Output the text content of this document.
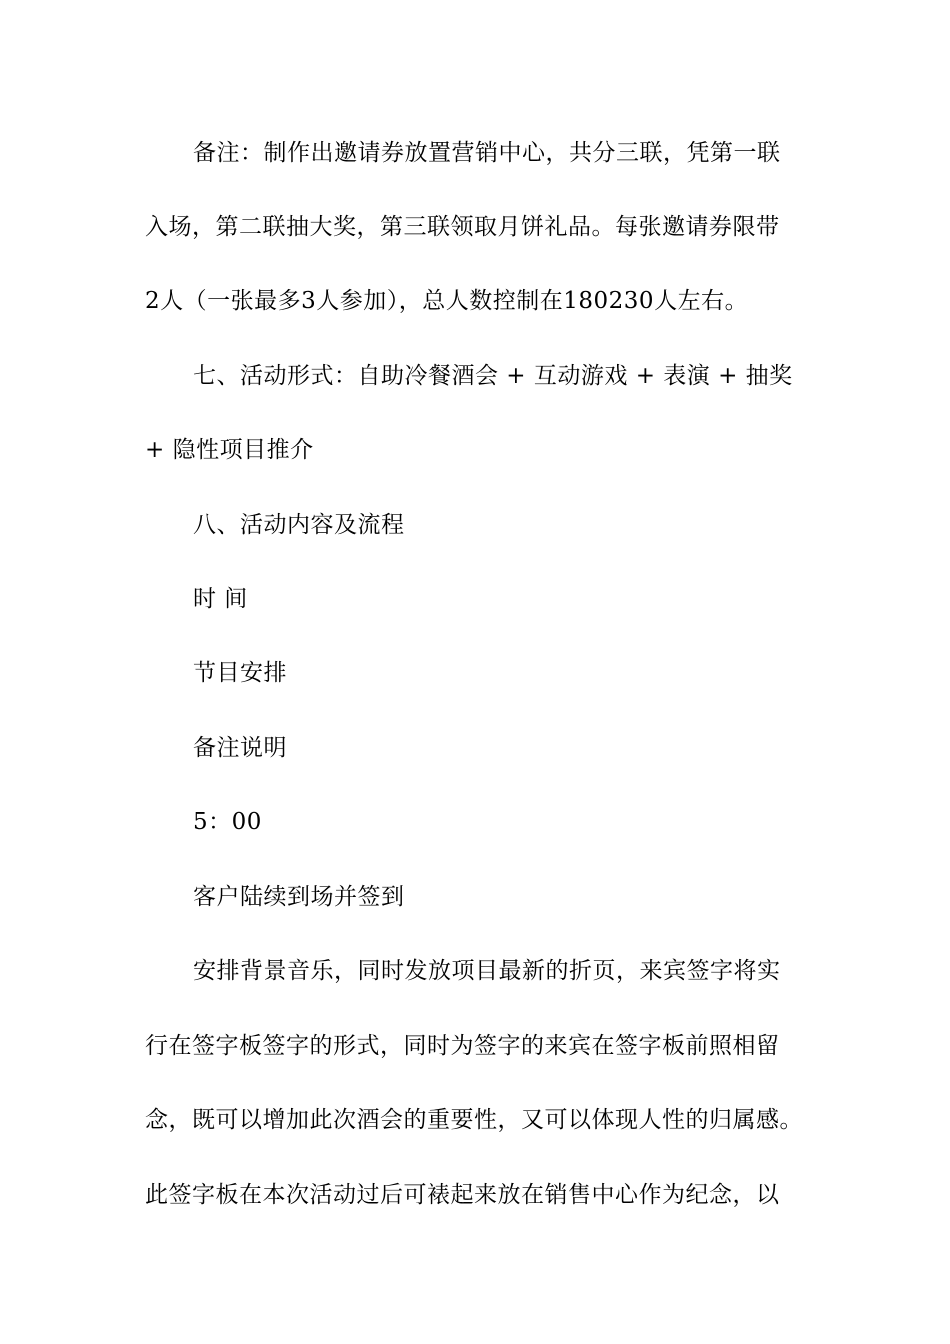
备注：制作出邀请券放置营销中心，共分三联，凭第一联
入场，第二联抽大奖，第三联领取月饼礼品。每张邀请券限带
2人（一张最多3人参加），总人数控制在180230人左右。
七、活动形式：自助冷餐酒会 + 互动游戏 + 表演 + 抽奖
+ 隐性项目推介
八、活动内容及流程
时 间
节目安排
备注说明
5：00
客户陆续到场并签到
安排背景音乐，同时发放项目最新的折页，来宾签字将实
行在签字板签字的形式，同时为签字的来宾在签字板前照相留
念，既可以增加此次酒会的重要性，又可以体现人性的归属感。
此签字板在本次活动过后可裱起来放在销售中心作为纪念，以
